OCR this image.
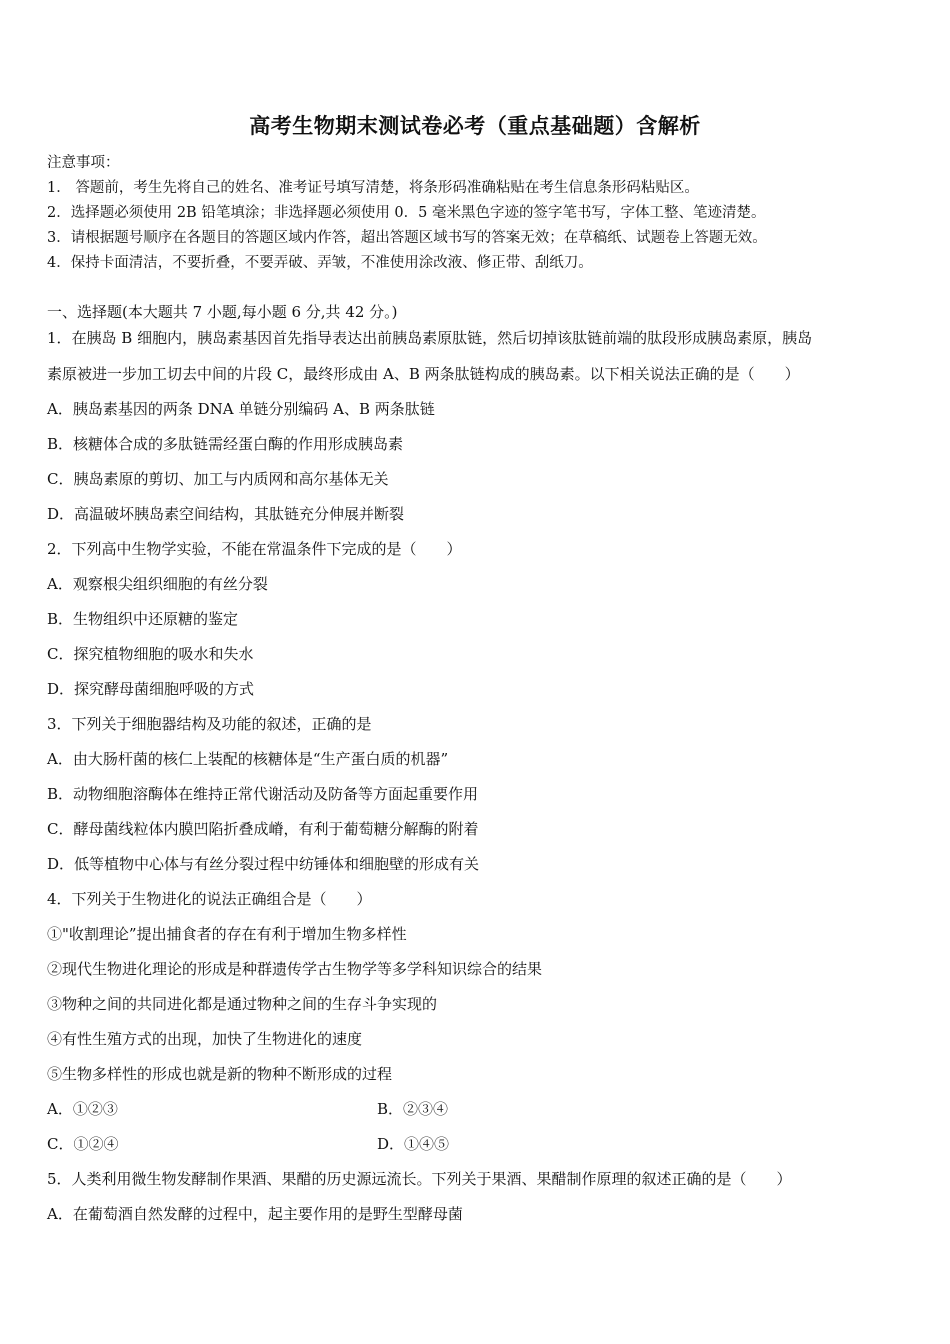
高考生物期末测试卷必考（重点基础题）含解析
注意事项：
1． 答题前，考生先将自己的姓名、准考证号填写清楚，将条形码准确粘贴在考生信息条形码粘贴区。
2．选择题必须使用 2B 铅笔填涂；非选择题必须使用 0．5 毫米黑色字迹的签字笔书写，字体工整、笔迹清楚。
3．请根据题号顺序在各题目的答题区域内作答，超出答题区域书写的答案无效；在草稿纸、试题卷上答题无效。
4．保持卡面清洁，不要折叠，不要弄破、弄皱，不准使用涂改液、修正带、刮纸刀。
一、选择题(本大题共 7 小题,每小题 6 分,共 42 分。)
1．在胰岛 B 细胞内，胰岛素基因首先指导表达出前胰岛素原肽链，然后切掉该肽链前端的肽段形成胰岛素原，胰岛
素原被进一步加工切去中间的片段 C，最终形成由 A、B 两条肽链构成的胰岛素。以下相关说法正确的是（　　）
A．胰岛素基因的两条 DNA 单链分别编码 A、B 两条肽链
B．核糖体合成的多肽链需经蛋白酶的作用形成胰岛素
C．胰岛素原的剪切、加工与内质网和高尔基体无关
D．高温破坏胰岛素空间结构，其肽链充分伸展并断裂
2．下列高中生物学实验，不能在常温条件下完成的是（　　）
A．观察根尖组织细胞的有丝分裂
B．生物组织中还原糖的鉴定
C．探究植物细胞的吸水和失水
D．探究酵母菌细胞呼吸的方式
3．下列关于细胞器结构及功能的叙述，正确的是
A．由大肠杆菌的核仁上装配的核糖体是“生产蛋白质的机器”
B．动物细胞溶酶体在维持正常代谢活动及防备等方面起重要作用
C．酵母菌线粒体内膜凹陷折叠成嵴，有利于葡萄糖分解酶的附着
D．低等植物中心体与有丝分裂过程中纺锤体和细胞壁的形成有关
4．下列关于生物进化的说法正确组合是（　　）
①"收割理论”提出捕食者的存在有利于增加生物多样性
②现代生物进化理论的形成是种群遗传学古生物学等多学科知识综合的结果
③物种之间的共同进化都是通过物种之间的生存斗争实现的
④有性生殖方式的出现，加快了生物进化的速度
⑤生物多样性的形成也就是新的物种不断形成的过程
A．①②③	B．②③④
C．①②④	D．①④⑤
5．人类利用微生物发酵制作果酒、果醋的历史源远流长。下列关于果酒、果醋制作原理的叙述正确的是（　　）
A．在葡萄酒自然发酵的过程中，起主要作用的是野生型酵母菌
